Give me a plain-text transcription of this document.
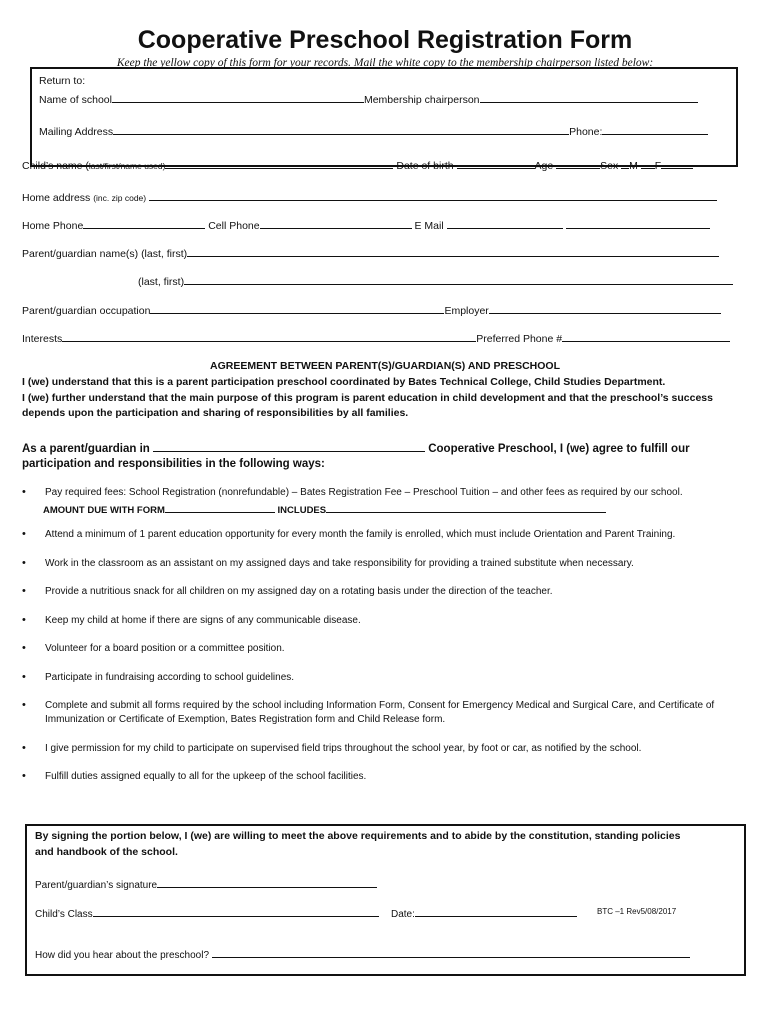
Cooperative Preschool Registration Form
Keep the yellow copy of this form for your records. Mail the white copy to the membership chairperson listed below:
Return to:
Name of school	Membership chairperson
Mailing Address	Phone:
Child’s name (last/first/name used)	Date of birth	Age	Sex M F
Home address (inc. zip code)
Home Phone	Cell Phone	E Mail
Parent/guardian name(s) (last, first)
(last, first)
Parent/guardian occupation	Employer
Interests	Preferred Phone #
AGREEMENT BETWEEN PARENT(S)/GUARDIAN(S) AND PRESCHOOL
I (we) understand that this is a parent participation preschool coordinated by Bates Technical College, Child Studies Department.
I (we) further understand that the main purpose of this program is parent education in child development and that the preschool’s success
depends upon the participation and sharing of responsibilities by all families.
As a parent/guardian in	Cooperative Preschool, I (we) agree to fulfill our
participation and responsibilities in the following ways:
• Pay required fees: School Registration (nonrefundable) – Bates Registration Fee – Preschool Tuition – and other fees as required by our school.
AMOUNT DUE WITH FORM	INCLUDES
• Attend a minimum of 1 parent education opportunity for every month the family is enrolled, which must include Orientation and Parent Training.
• Work in the classroom as an assistant on my assigned days and take responsibility for providing a trained substitute when necessary.
• Provide a nutritious snack for all children on my assigned day on a rotating basis under the direction of the teacher.
• Keep my child at home if there are signs of any communicable disease.
• Volunteer for a board position or a committee position.
• Participate in fundraising according to school guidelines.
• Complete and submit all forms required by the school including Information Form, Consent for Emergency Medical and Surgical Care, and Certificate of
Immunization or Certificate of Exemption, Bates Registration form and Child Release form.
• I give permission for my child to participate on supervised field trips throughout the school year, by foot or car, as notified by the school.
• Fulfill duties assigned equally to all for the upkeep of the school facilities.
By signing the portion below, I (we) are willing to meet the above requirements and to abide by the constitution, standing policies
and handbook of the school.
Parent/guardian’s signature
Child’s Class	Date:	BTC –1 Rev5/08/2017
How did you hear about the preschool?
